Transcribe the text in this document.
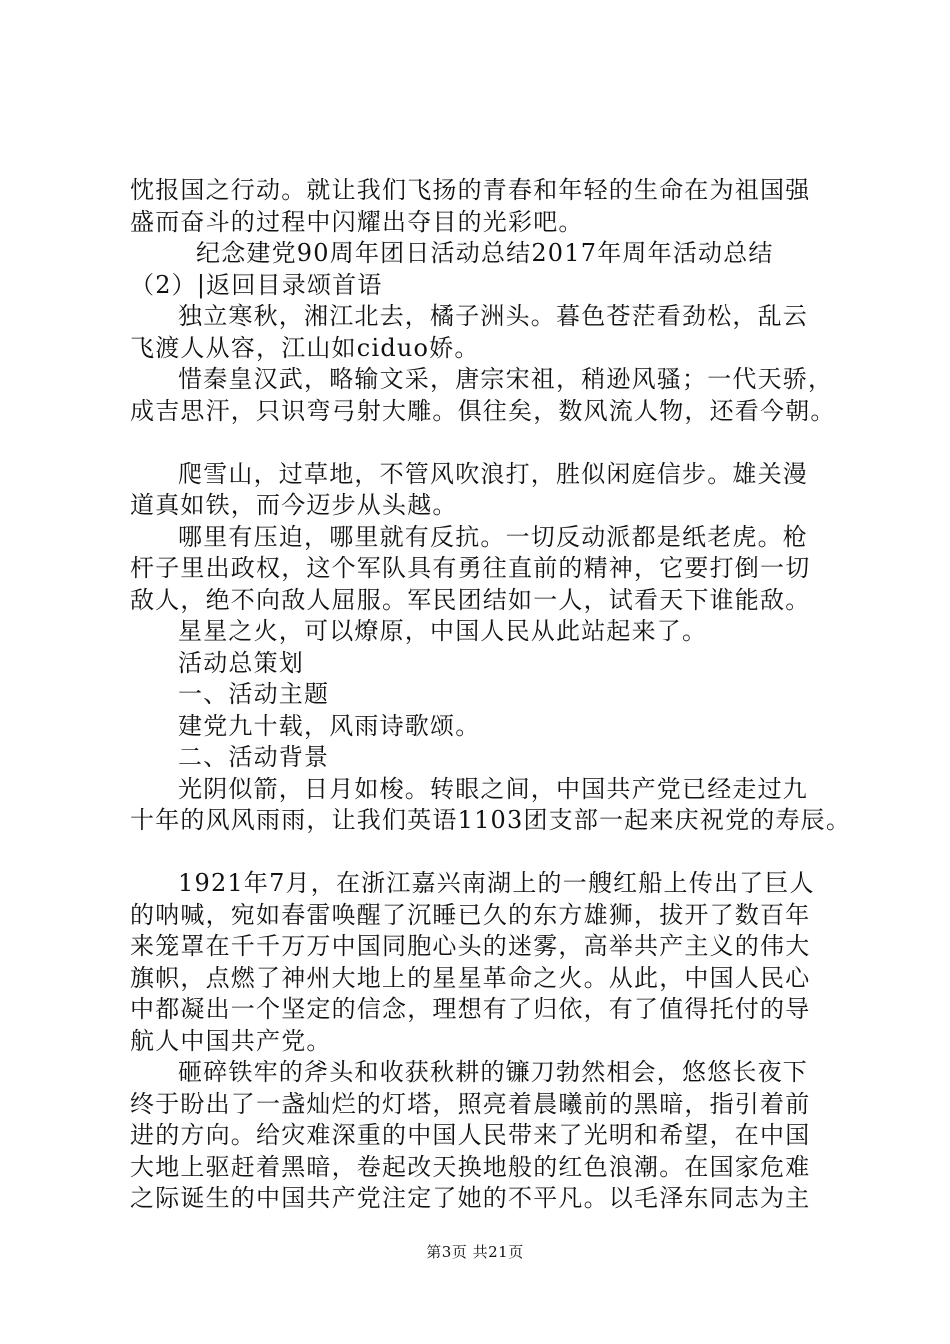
忱报国之行动。就让我们飞扬的青春和年轻的生命在为祖国强
盛而奋斗的过程中闪耀出夺目的光彩吧。
纪念建党90周年团日活动总结2017年周年活动总结
（2）|返回目录颂首语
独立寒秋，湘江北去，橘子洲头。暮色苍茫看劲松，乱云
飞渡人从容，江山如ciduo娇。
惜秦皇汉武，略输文采，唐宗宋祖，稍逊风骚；一代天骄，
成吉思汗，只识弯弓射大雕。俱往矣，数风流人物，还看今朝。
爬雪山，过草地，不管风吹浪打，胜似闲庭信步。雄关漫
道真如铁，而今迈步从头越。
哪里有压迫，哪里就有反抗。一切反动派都是纸老虎。枪
杆子里出政权，这个军队具有勇往直前的精神，它要打倒一切
敌人，绝不向敌人屈服。军民团结如一人，试看天下谁能敌。
星星之火，可以燎原，中国人民从此站起来了。
活动总策划
一、活动主题
建党九十载，风雨诗歌颂。
二、活动背景
光阴似箭，日月如梭。转眼之间，中国共产党已经走过九
十年的风风雨雨，让我们英语1103团支部一起来庆祝党的寿辰。
1921年7月，在浙江嘉兴南湖上的一艘红船上传出了巨人
的呐喊，宛如春雷唤醒了沉睡已久的东方雄狮，拔开了数百年
来笼罩在千千万万中国同胞心头的迷雾，高举共产主义的伟大
旗帜，点燃了神州大地上的星星革命之火。从此，中国人民心
中都凝出一个坚定的信念，理想有了归依，有了值得托付的导
航人中国共产党。
砸碎铁牢的斧头和收获秋耕的镰刀勃然相会，悠悠长夜下
终于盼出了一盏灿烂的灯塔，照亮着晨曦前的黑暗，指引着前
进的方向。给灾难深重的中国人民带来了光明和希望，在中国
大地上驱赶着黑暗，卷起改天换地般的红色浪潮。在国家危难
之际诞生的中国共产党注定了她的不平凡。以毛泽东同志为主
第3页 共21页
